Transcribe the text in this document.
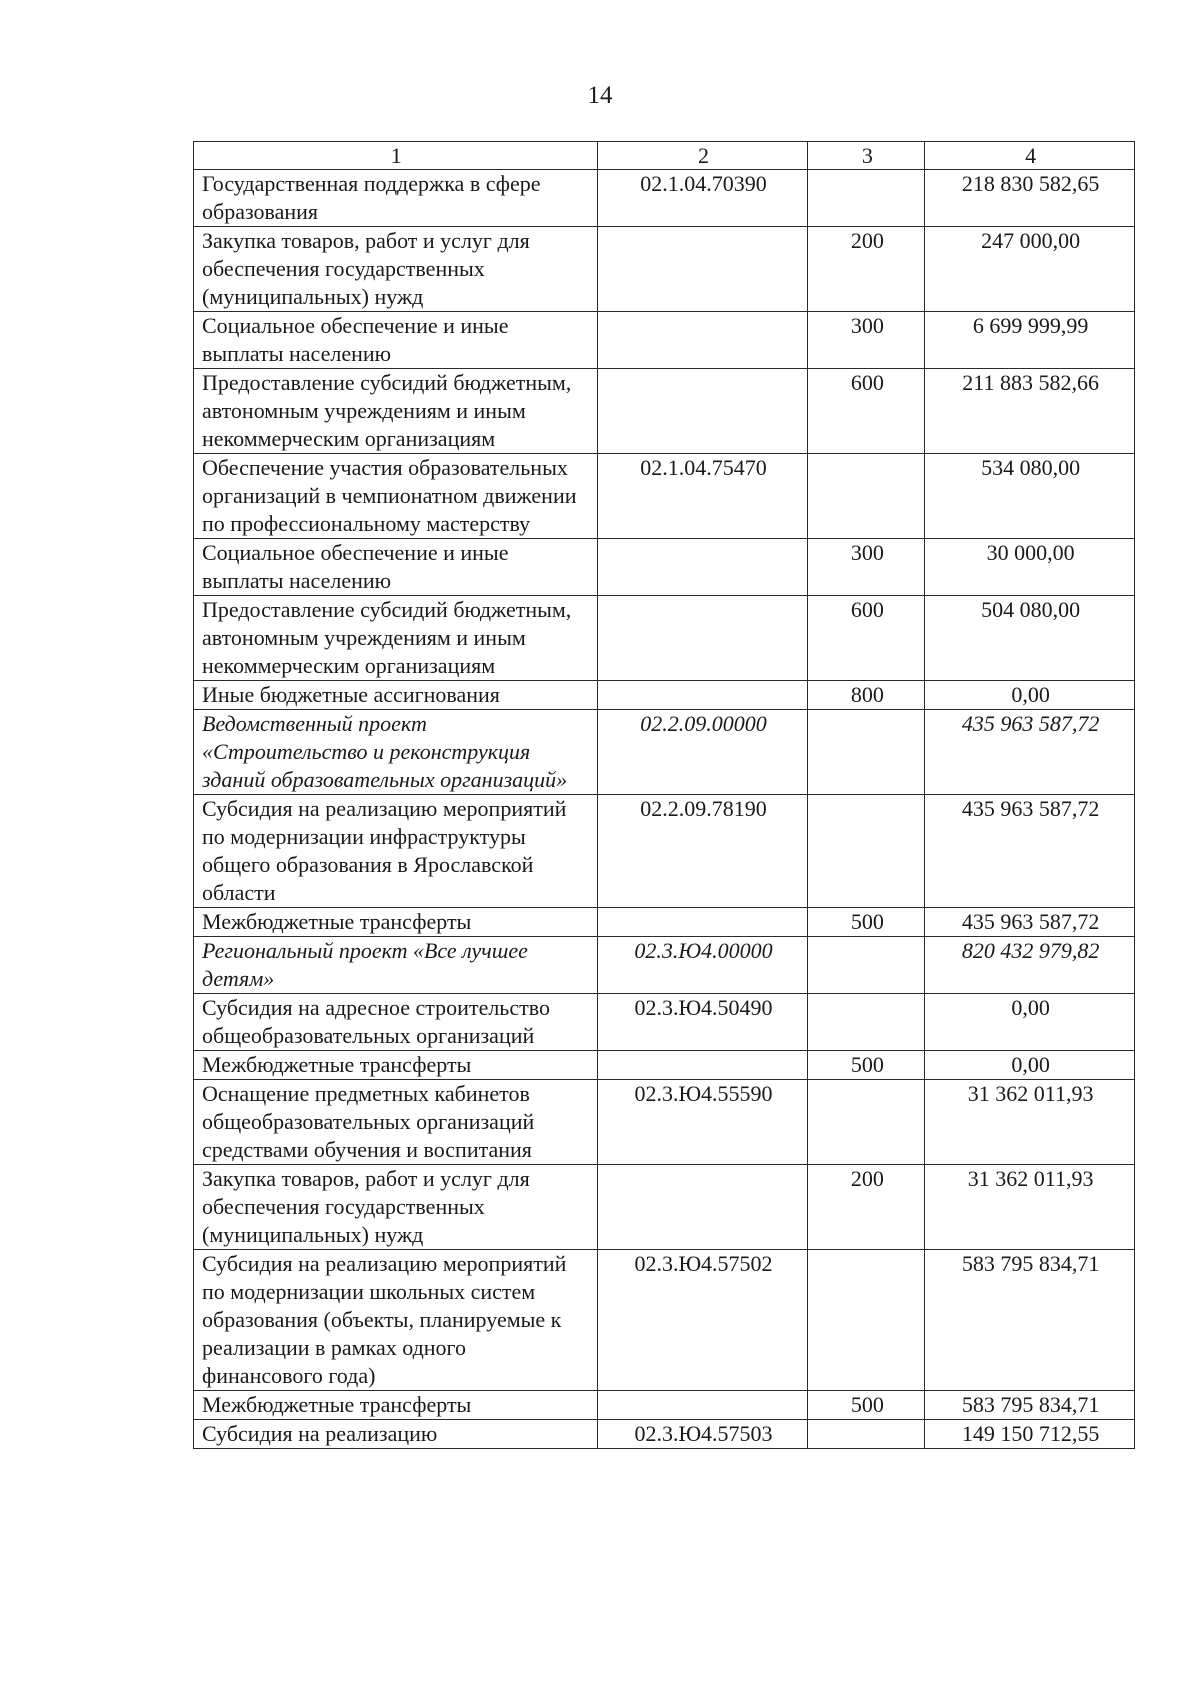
14
1	2	3	4
Государственная поддержка в сфере образования	02.1.04.70390		218 830 582,65
Закупка товаров, работ и услуг для обеспечения государственных (муниципальных) нужд		200	247 000,00
Социальное обеспечение и иные выплаты населению		300	6 699 999,99
Предоставление субсидий бюджетным, автономным учреждениям и иным некоммерческим организациям		600	211 883 582,66
Обеспечение участия образовательных организаций в чемпионатном движении по профессиональному мастерству	02.1.04.75470		534 080,00
Социальное обеспечение и иные выплаты населению		300	30 000,00
Предоставление субсидий бюджетным, автономным учреждениям и иным некоммерческим организациям		600	504 080,00
Иные бюджетные ассигнования		800	0,00
Ведомственный проект «Строительство и реконструкция зданий образовательных организаций»	02.2.09.00000		435 963 587,72
Субсидия на реализацию мероприятий по модернизации инфраструктуры общего образования в Ярославской области	02.2.09.78190		435 963 587,72
Межбюджетные трансферты		500	435 963 587,72
Региональный проект «Все лучшее детям»	02.3.Ю4.00000		820 432 979,82
Субсидия на адресное строительство общеобразовательных организаций	02.3.Ю4.50490		0,00
Межбюджетные трансферты		500	0,00
Оснащение предметных кабинетов общеобразовательных организаций средствами обучения и воспитания	02.3.Ю4.55590		31 362 011,93
Закупка товаров, работ и услуг для обеспечения государственных (муниципальных) нужд		200	31 362 011,93
Субсидия на реализацию мероприятий по модернизации школьных систем образования (объекты, планируемые к реализации в рамках одного финансового года)	02.3.Ю4.57502		583 795 834,71
Межбюджетные трансферты		500	583 795 834,71
Субсидия на реализацию	02.3.Ю4.57503		149 150 712,55
